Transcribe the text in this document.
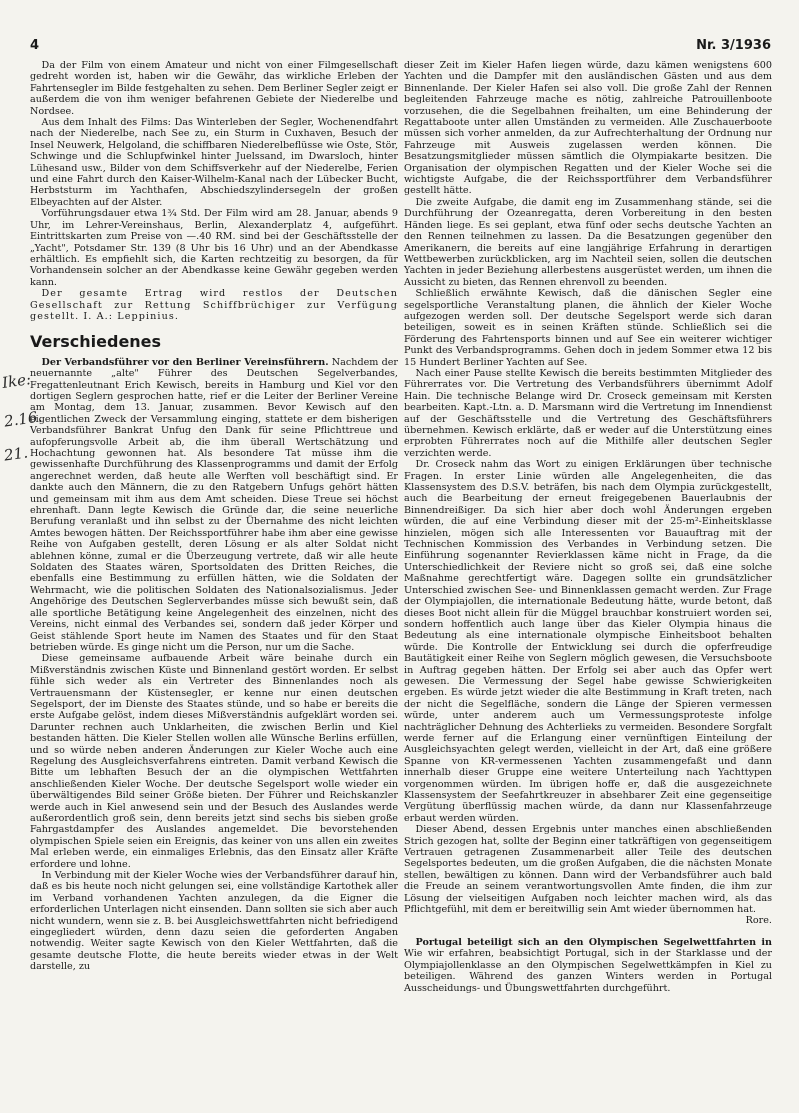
4	Nr. 3/1936
Ike:
2.16.
21.

Da der Film von einem Amateur und nicht von einer Filmgesellschaft gedreht worden ist, haben wir die Gewähr, das wirkliche Erleben der Fahrtensegler im Bilde festgehalten zu sehen. Dem Berliner Segler zeigt er außerdem die von ihm weniger befahrenen Gebiete der Niederelbe und Nordsee.

Aus dem Inhalt des Films: Das Winterleben der Segler, Wochenendfahrt nach der Niederelbe, nach See zu, ein Sturm in Cuxhaven, Besuch der Insel Neuwerk, Helgoland, die schiffbaren Niederelbeflüsse wie Oste, Stör, Schwinge und die Schlupfwinkel hinter Juelssand, im Dwarsloch, hinter Lühesand usw., Bilder von dem Schiffsverkehr auf der Niederelbe, Ferien und eine Fahrt durch den Kaiser-Wilhelm-Kanal nach der Lübecker Bucht, Herbststurm im Yachthafen, Abschiedszylindersegeln der großen Elbeyachten auf der Alster.

Vorführungsdauer etwa 1¾ Std. Der Film wird am 28. Januar, abends 9 Uhr, im Lehrer-Vereinshaus, Berlin, Alexanderplatz 4, aufgeführt. Eintrittskarten zum Preise von —.40 RM. sind bei der Geschäftsstelle der „Yacht", Potsdamer Str. 139 (8 Uhr bis 16 Uhr) und an der Abendkasse erhältlich. Es empfiehlt sich, die Karten rechtzeitig zu besorgen, da für Vorhandensein solcher an der Abendkasse keine Gewähr gegeben werden kann.

Der gesamte Ertrag wird restlos der Deutschen Gesellschaft zur Rettung Schiffbrüchiger zur Verfügung gestellt. I. A.: Leppinius.

Verschiedenes

Der Verbandsführer vor den Berliner Vereinsführern. Nachdem der neuernannte „alte" Führer des Deutschen Segelverbandes, Fregattenleutnant Erich Kewisch, bereits in Hamburg und Kiel vor den dortigen Seglern gesprochen hatte, rief er die Leiter der Berliner Vereine am Montag, dem 13. Januar, zusammen. Bevor Kewisch auf den eigentlichen Zweck der Versammlung einging, stattete er dem bisherigen Verbandsführer Bankrat Unfug den Dank für seine Pflichttreue und aufopferungsvolle Arbeit ab, die ihm überall Wertschätzung und Hochachtung gewonnen hat. Als besondere Tat müsse ihm die gewissenhafte Durchführung des Klassenprogramms und damit der Erfolg angerechnet werden, daß heute alle Werften voll beschäftigt sind. Er dankte auch den Männern, die zu den Ratgebern Unfugs gehört hätten und gemeinsam mit ihm aus dem Amt scheiden. Diese Treue sei höchst ehrenhaft. Dann legte Kewisch die Gründe dar, die seine neuerliche Berufung veranlaßt und ihn selbst zu der Übernahme des nicht leichten Amtes bewogen hätten. Der Reichssportführer habe ihm aber eine gewisse Reihe von Aufgaben gestellt, deren Lösung er als alter Soldat nicht ablehnen könne, zumal er die Überzeugung vertrete, daß wir alle heute Soldaten des Staates wären, Sportsoldaten des Dritten Reiches, die ebenfalls eine Bestimmung zu erfüllen hätten, wie die Soldaten der Wehrmacht, wie die politischen Soldaten des Nationalsozialismus. Jeder Angehörige des Deutschen Seglerverbandes müsse sich bewußt sein, daß alle sportliche Betätigung keine Angelegenheit des einzelnen, nicht des Vereins, nicht einmal des Verbandes sei, sondern daß jeder Körper und Geist stählende Sport heute im Namen des Staates und für den Staat betrieben würde. Es ginge nicht um die Person, nur um die Sache.

Diese gemeinsame aufbauende Arbeit wäre beinahe durch ein Mißverständnis zwischen Küste und Binnenland gestört worden. Er selbst fühle sich weder als ein Vertreter des Binnenlandes noch als Vertrauensmann der Küstensegler, er kenne nur einen deutschen Segelsport, der im Dienste des Staates stünde, und so habe er bereits die erste Aufgabe gelöst, indem dieses Mißverständnis aufgeklärt worden sei. Darunter rechnen auch Unklarheiten, die zwischen Berlin und Kiel bestanden hätten. Die Kieler Stellen wollen alle Wünsche Berlins erfüllen, und so würde neben anderen Änderungen zur Kieler Woche auch eine Regelung des Ausgleichsverfahrens eintreten. Damit verband Kewisch die Bitte um lebhaften Besuch der an die olympischen Wettfahrten anschließenden Kieler Woche. Der deutsche Segelsport wolle wieder ein überwältigendes Bild seiner Größe bieten. Der Führer und Reichskanzler werde auch in Kiel anwesend sein und der Besuch des Auslandes werde außerordentlich groß sein, denn bereits jetzt sind sechs bis sieben große Fahrgastdampfer des Auslandes angemeldet. Die bevorstehenden olympischen Spiele seien ein Ereignis, das keiner von uns allen ein zweites Mal erleben werde, ein einmaliges Erlebnis, das den Einsatz aller Kräfte erfordere und lohne.

In Verbindung mit der Kieler Woche wies der Verbandsführer darauf hin, daß es bis heute noch nicht gelungen sei, eine vollständige Kartothek aller im Verband vorhandenen Yachten anzulegen, da die Eigner die erforderlichen Unterlagen nicht einsenden. Dann sollten sie sich aber auch nicht wundern, wenn sie z. B. bei Ausgleichswettfahrten nicht befriedigend eingegliedert würden, denn dazu seien die geforderten Angaben notwendig. Weiter sagte Kewisch von den Kieler Wettfahrten, daß die gesamte deutsche Flotte, die heute bereits wieder etwas in der Welt darstelle, zu

dieser Zeit im Kieler Hafen liegen würde, dazu kämen wenigstens 600 Yachten und die Dampfer mit den ausländischen Gästen und aus dem Binnenlande. Der Kieler Hafen sei also voll. Die große Zahl der Rennen begleitenden Fahrzeuge mache es nötig, zahlreiche Patrouillenboote vorzusehen, die die Segelbahnen freihalten, um eine Behinderung der Regattaboote unter allen Umständen zu vermeiden. Alle Zuschauerboote müssen sich vorher anmelden, da zur Aufrechterhaltung der Ordnung nur Fahrzeuge mit Ausweis zugelassen werden können. Die Besatzungsmitglieder müssen sämtlich die Olympiakarte besitzen. Die Organisation der olympischen Regatten und der Kieler Woche sei die wichtigste Aufgabe, die der Reichssportführer dem Verbandsführer gestellt hätte.

Die zweite Aufgabe, die damit eng im Zusammenhang stände, sei die Durchführung der Ozeanregatta, deren Vorbereitung in den besten Händen liege. Es sei geplant, etwa fünf oder sechs deutsche Yachten an den Rennen teilnehmen zu lassen. Da die Besatzungen gegenüber den Amerikanern, die bereits auf eine langjährige Erfahrung in derartigen Wettbewerben zurückblicken, arg im Nachteil seien, sollen die deutschen Yachten in jeder Beziehung allerbestens ausgerüstet werden, um ihnen die Aussicht zu bieten, das Rennen ehrenvoll zu beenden.

Schließlich erwähnte Kewisch, daß die dänischen Segler eine segelsportliche Veranstaltung planen, die ähnlich der Kieler Woche aufgezogen werden soll. Der deutsche Segelsport werde sich daran beteiligen, soweit es in seinen Kräften stünde. Schließlich sei die Förderung des Fahrtensports binnen und auf See ein weiterer wichtiger Punkt des Verbandsprogramms. Gehen doch in jedem Sommer etwa 12 bis 15 Hundert Berliner Yachten auf See.

Nach einer Pause stellte Kewisch die bereits bestimmten Mitglieder des Führerrates vor. Die Vertretung des Verbandsführers übernimmt Adolf Hain. Die technische Belange wird Dr. Croseck gemeinsam mit Kersten bearbeiten. Kapt.-Ltn. a. D. Marsmann wird die Vertretung im Innendienst auf der Geschäftsstelle und die Vertretung des Geschäftsführers übernehmen. Kewisch erklärte, daß er weder auf die Unterstützung eines erprobten Führerrates noch auf die Mithilfe aller deutschen Segler verzichten werde.

Dr. Croseck nahm das Wort zu einigen Erklärungen über technische Fragen. In erster Linie würden alle Angelegenheiten, die das Klassensystem des D.S.V. beträfen, bis nach dem Olympia zurückgestellt, auch die Bearbeitung der erneut freigegebenen Bauerlaubnis der Binnendreißiger. Da sich hier aber doch wohl Änderungen ergeben würden, die auf eine Verbindung dieser mit der 25-m²-Einheitsklasse hinzielen, mögen sich alle Interessenten vor Bauauftrag mit der Technischen Kommission des Verbandes in Verbindung setzen. Die Einführung sogenannter Revierklassen käme nicht in Frage, da die Unterschiedlichkeit der Reviere nicht so groß sei, daß eine solche Maßnahme gerechtfertigt wäre. Dagegen sollte ein grundsätzlicher Unterschied zwischen See- und Binnenklassen gemacht werden. Zur Frage der Olympiajollen, die internationale Bedeutung hätte, wurde betont, daß dieses Boot nicht allein für die Müggel brauchbar konstruiert worden sei, sondern hoffentlich auch lange über das Kieler Olympia hinaus die Bedeutung als eine internationale olympische Einheitsboot behalten würde. Die Kontrolle der Entwicklung sei durch die opferfreudige Bautätigkeit einer Reihe von Seglern möglich gewesen, die Versuchsboote in Auftrag gegeben hätten. Der Erfolg sei aber auch das Opfer wert gewesen. Die Vermessung der Segel habe gewisse Schwierigkeiten ergeben. Es würde jetzt wieder die alte Bestimmung in Kraft treten, nach der nicht die Segelfläche, sondern die Länge der Spieren vermessen würde, unter anderem auch um Vermessungsproteste infolge nachträglicher Dehnung des Achterlieks zu vermeiden. Besondere Sorgfalt werde ferner auf die Erlangung einer vernünftigen Einteilung der Ausgleichsyachten gelegt werden, vielleicht in der Art, daß eine größere Spanne von KR-vermessenen Yachten zusammengefaßt und dann innerhalb dieser Gruppe eine weitere Unterteilung nach Yachttypen vorgenommen würden. Im übrigen hoffe er, daß die ausgezeichnete Klassensystem der Seefahrtkreuzer in absehbarer Zeit eine gegenseitige Vergütung überflüssig machen würde, da dann nur Klassenfahrzeuge erbaut werden würden.

Dieser Abend, dessen Ergebnis unter manches einen abschließenden Strich gezogen hat, sollte der Beginn einer tatkräftigen von gegenseitigem Vertrauen getragenen Zusammenarbeit aller Teile des deutschen Segelsportes bedeuten, um die großen Aufgaben, die die nächsten Monate stellen, bewältigen zu können. Dann wird der Verbandsführer auch bald die Freude an seinem verantwortungsvollen Amte finden, die ihm zur Lösung der vielseitigen Aufgaben noch leichter machen wird, als das Pflichtgefühl, mit dem er bereitwillig sein Amt wieder übernommen hat.

Rore.

Portugal beteiligt sich an den Olympischen Segelwettfahrten in Wie wir erfahren, beabsichtigt Portugal, sich in der Starklasse und der Olympiajollenklasse an den Olympischen Segelwettkämpfen in Kiel zu beteiligen. Während des ganzen Winters werden in Portugal Ausscheidungs- und Übungswettfahrten durchgeführt.
